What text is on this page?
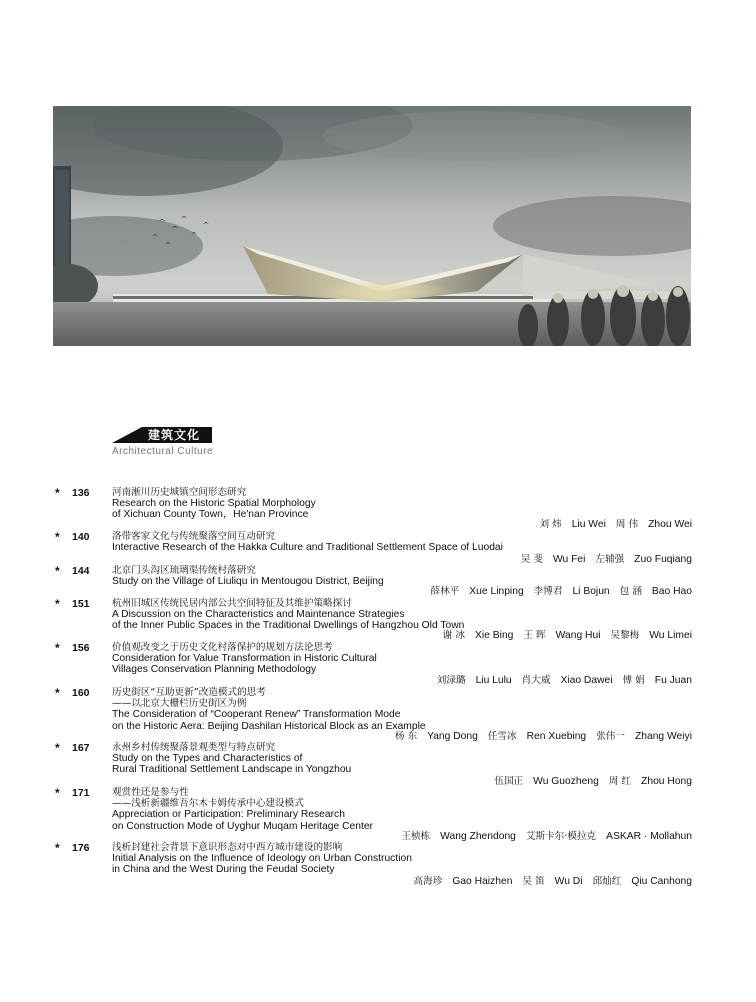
建筑文化
Architectural Culture
* 136 河南淅川历史城镇空间形态研究
Research on the Historic Spatial Morphology
of Xichuan County Town，He'nan Province
刘 炜 Liu Wei 周 伟 Zhou Wei
* 140 洛带客家文化与传统聚落空间互动研究
Interactive Research of the Hakka Culture and Traditional Settlement Space of Luodai
吴 斐 Wu Fei 左辅强 Zuo Fuqiang
* 144 北京门头沟区琉璃渠传统村落研究
Study on the Village of Liuliqu in Mentougou District, Beijing
薛林平 Xue Linping 李博君 Li Bojun 包 涵 Bao Hao
* 151 杭州旧城区传统民居内部公共空间特征及其维护策略探讨
A Discussion on the Characteristics and Maintenance Strategies
of the Inner Public Spaces in the Traditional Dwellings of Hangzhou Old Town
谢 冰 Xie Bing 王 晖 Wang Hui 吴黎梅 Wu Limei
* 156 价值观改变之于历史文化村落保护的规划方法论思考
Consideration for Value Transformation in Historic Cultural
Villages Conservation Planning Methodology
刘渌璐 Liu Lulu 肖大威 Xiao Dawei 傅 娟 Fu Juan
* 160 历史街区“互助更新”改造模式的思考
——以北京大栅栏历史街区为例
The Consideration of “Cooperant Renew” Transformation Mode
on the Historic Aera: Beijing Dashilan Historical Block as an Example
杨 东 Yang Dong 任雪冰 Ren Xuebing 张伟一 Zhang Weiyi
* 167 永州乡村传统聚落景观类型与特点研究
Study on the Types and Characteristics of
Rural Traditional Settlement Landscape in Yongzhou
伍国正 Wu Guozheng 周 红 Zhou Hong
* 171 观赏性还是参与性
——浅析新疆维吾尔木卡姆传承中心建设模式
Appreciation or Participation: Preliminary Research
on Construction Mode of Uyghur Muqam Heritage Center
王桢栋 Wang Zhendong 艾斯卡尔·模拉克 ASKAR · Mollahun
* 176 浅析封建社会背景下意识形态对中西方城市建设的影响
Initial Analysis on the Influence of Ideology on Urban Construction
in China and the West During the Feudal Society
高海珍 Gao Haizhen 吴 笛 Wu Di 邱灿红 Qiu Canhong
